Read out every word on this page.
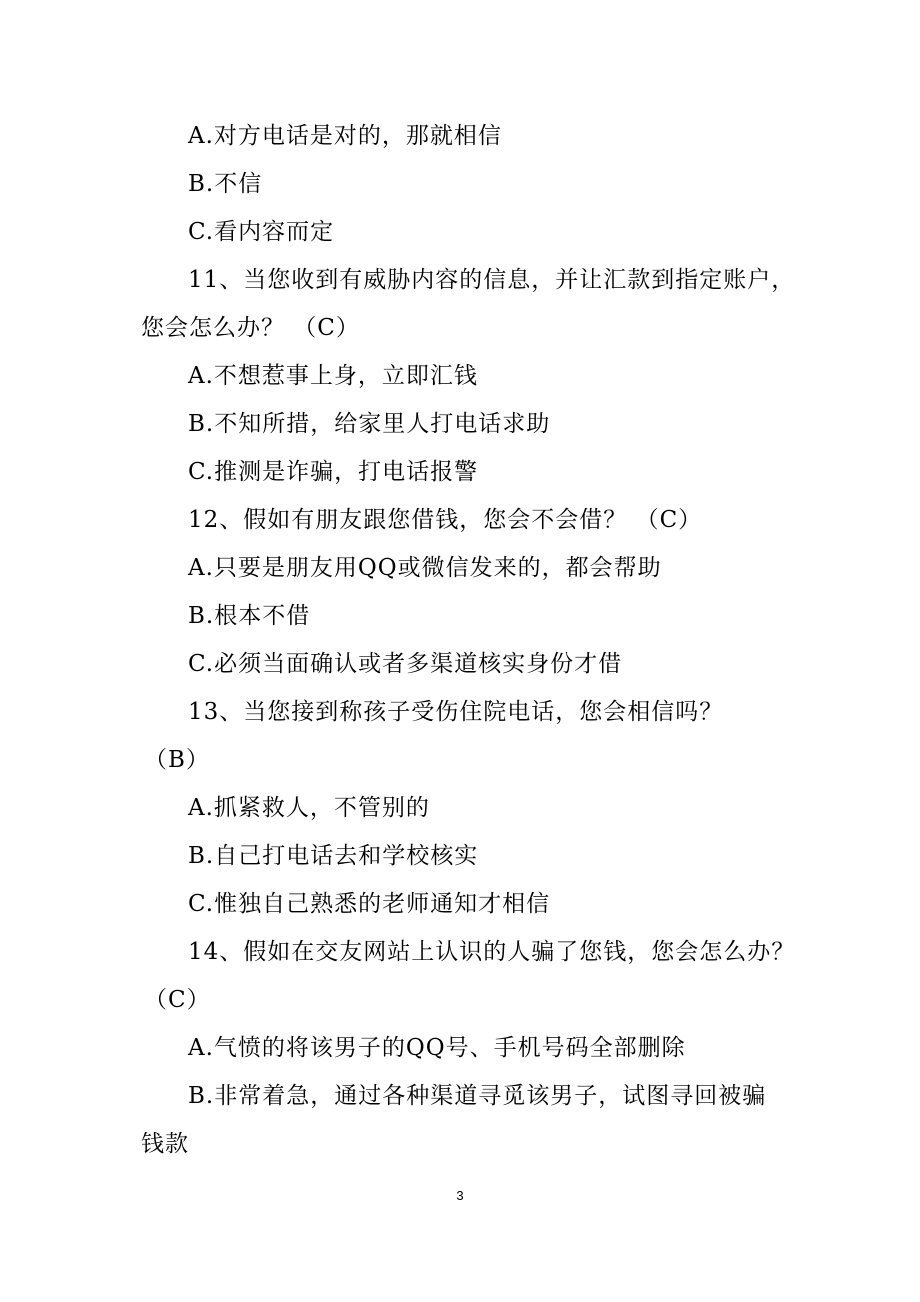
A.对方电话是对的，那就相信
B.不信
C.看内容而定
11、当您收到有威胁内容的信息，并让汇款到指定账户，
您会怎么办？ （C）
A.不想惹事上身，立即汇钱
B.不知所措，给家里人打电话求助
C.推测是诈骗，打电话报警
12、假如有朋友跟您借钱，您会不会借？ （C）
A.只要是朋友用QQ或微信发来的，都会帮助
B.根本不借
C.必须当面确认或者多渠道核实身份才借
13、当您接到称孩子受伤住院电话，您会相信吗？
（B）
A.抓紧救人，不管别的
B.自己打电话去和学校核实
C.惟独自己熟悉的老师通知才相信
14、假如在交友网站上认识的人骗了您钱，您会怎么办？
（C）
A.气愤的将该男子的QQ号、手机号码全部删除
B.非常着急，通过各种渠道寻觅该男子，试图寻回被骗
钱款
3
